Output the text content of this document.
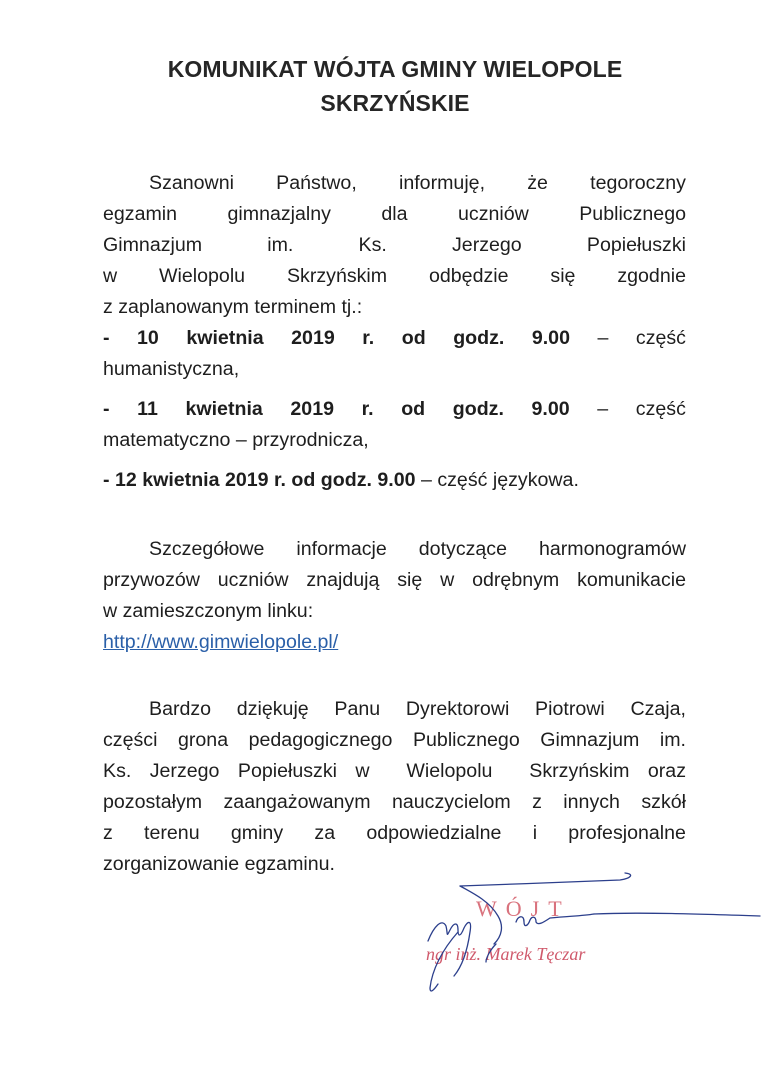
KOMUNIKAT WÓJTA GMINY WIELOPOLE
SKRZYŃSKIE
Szanowni Państwo, informuję, że tegoroczny
egzamin	gimnazjalny	dla	uczniów	Publicznego
Gimnazjum	im.	Ks.	Jerzego	Popiełuszki
w Wielopolu Skrzyńskim odbędzie się zgodnie
z zaplanowanym terminem tj.:
- 10 kwietnia 2019 r. od godz. 9.00 – część
humanistyczna,
- 11 kwietnia 2019 r. od godz. 9.00 – część
matematyczno – przyrodnicza,
- 12 kwietnia 2019 r. od godz. 9.00 – część językowa.
Szczegółowe informacje dotyczące harmonogramów
przywozów uczniów znajdują się w odrębnym komunikacie
w zamieszczonym linku:
http://www.gimwielopole.pl/
Bardzo dziękuję Panu Dyrektorowi Piotrowi Czaja,
części grona pedagogicznego Publicznego Gimnazjum im.
Ks. Jerzego Popiełuszki w  Wielopolu  Skrzyńskim oraz
pozostałym zaangażowanym nauczycielom z innych szkół
z terenu gminy za odpowiedzialne i profesjonalne
zorganizowanie egzaminu.
WÓJT
ngr inż. Marek Tęczar
